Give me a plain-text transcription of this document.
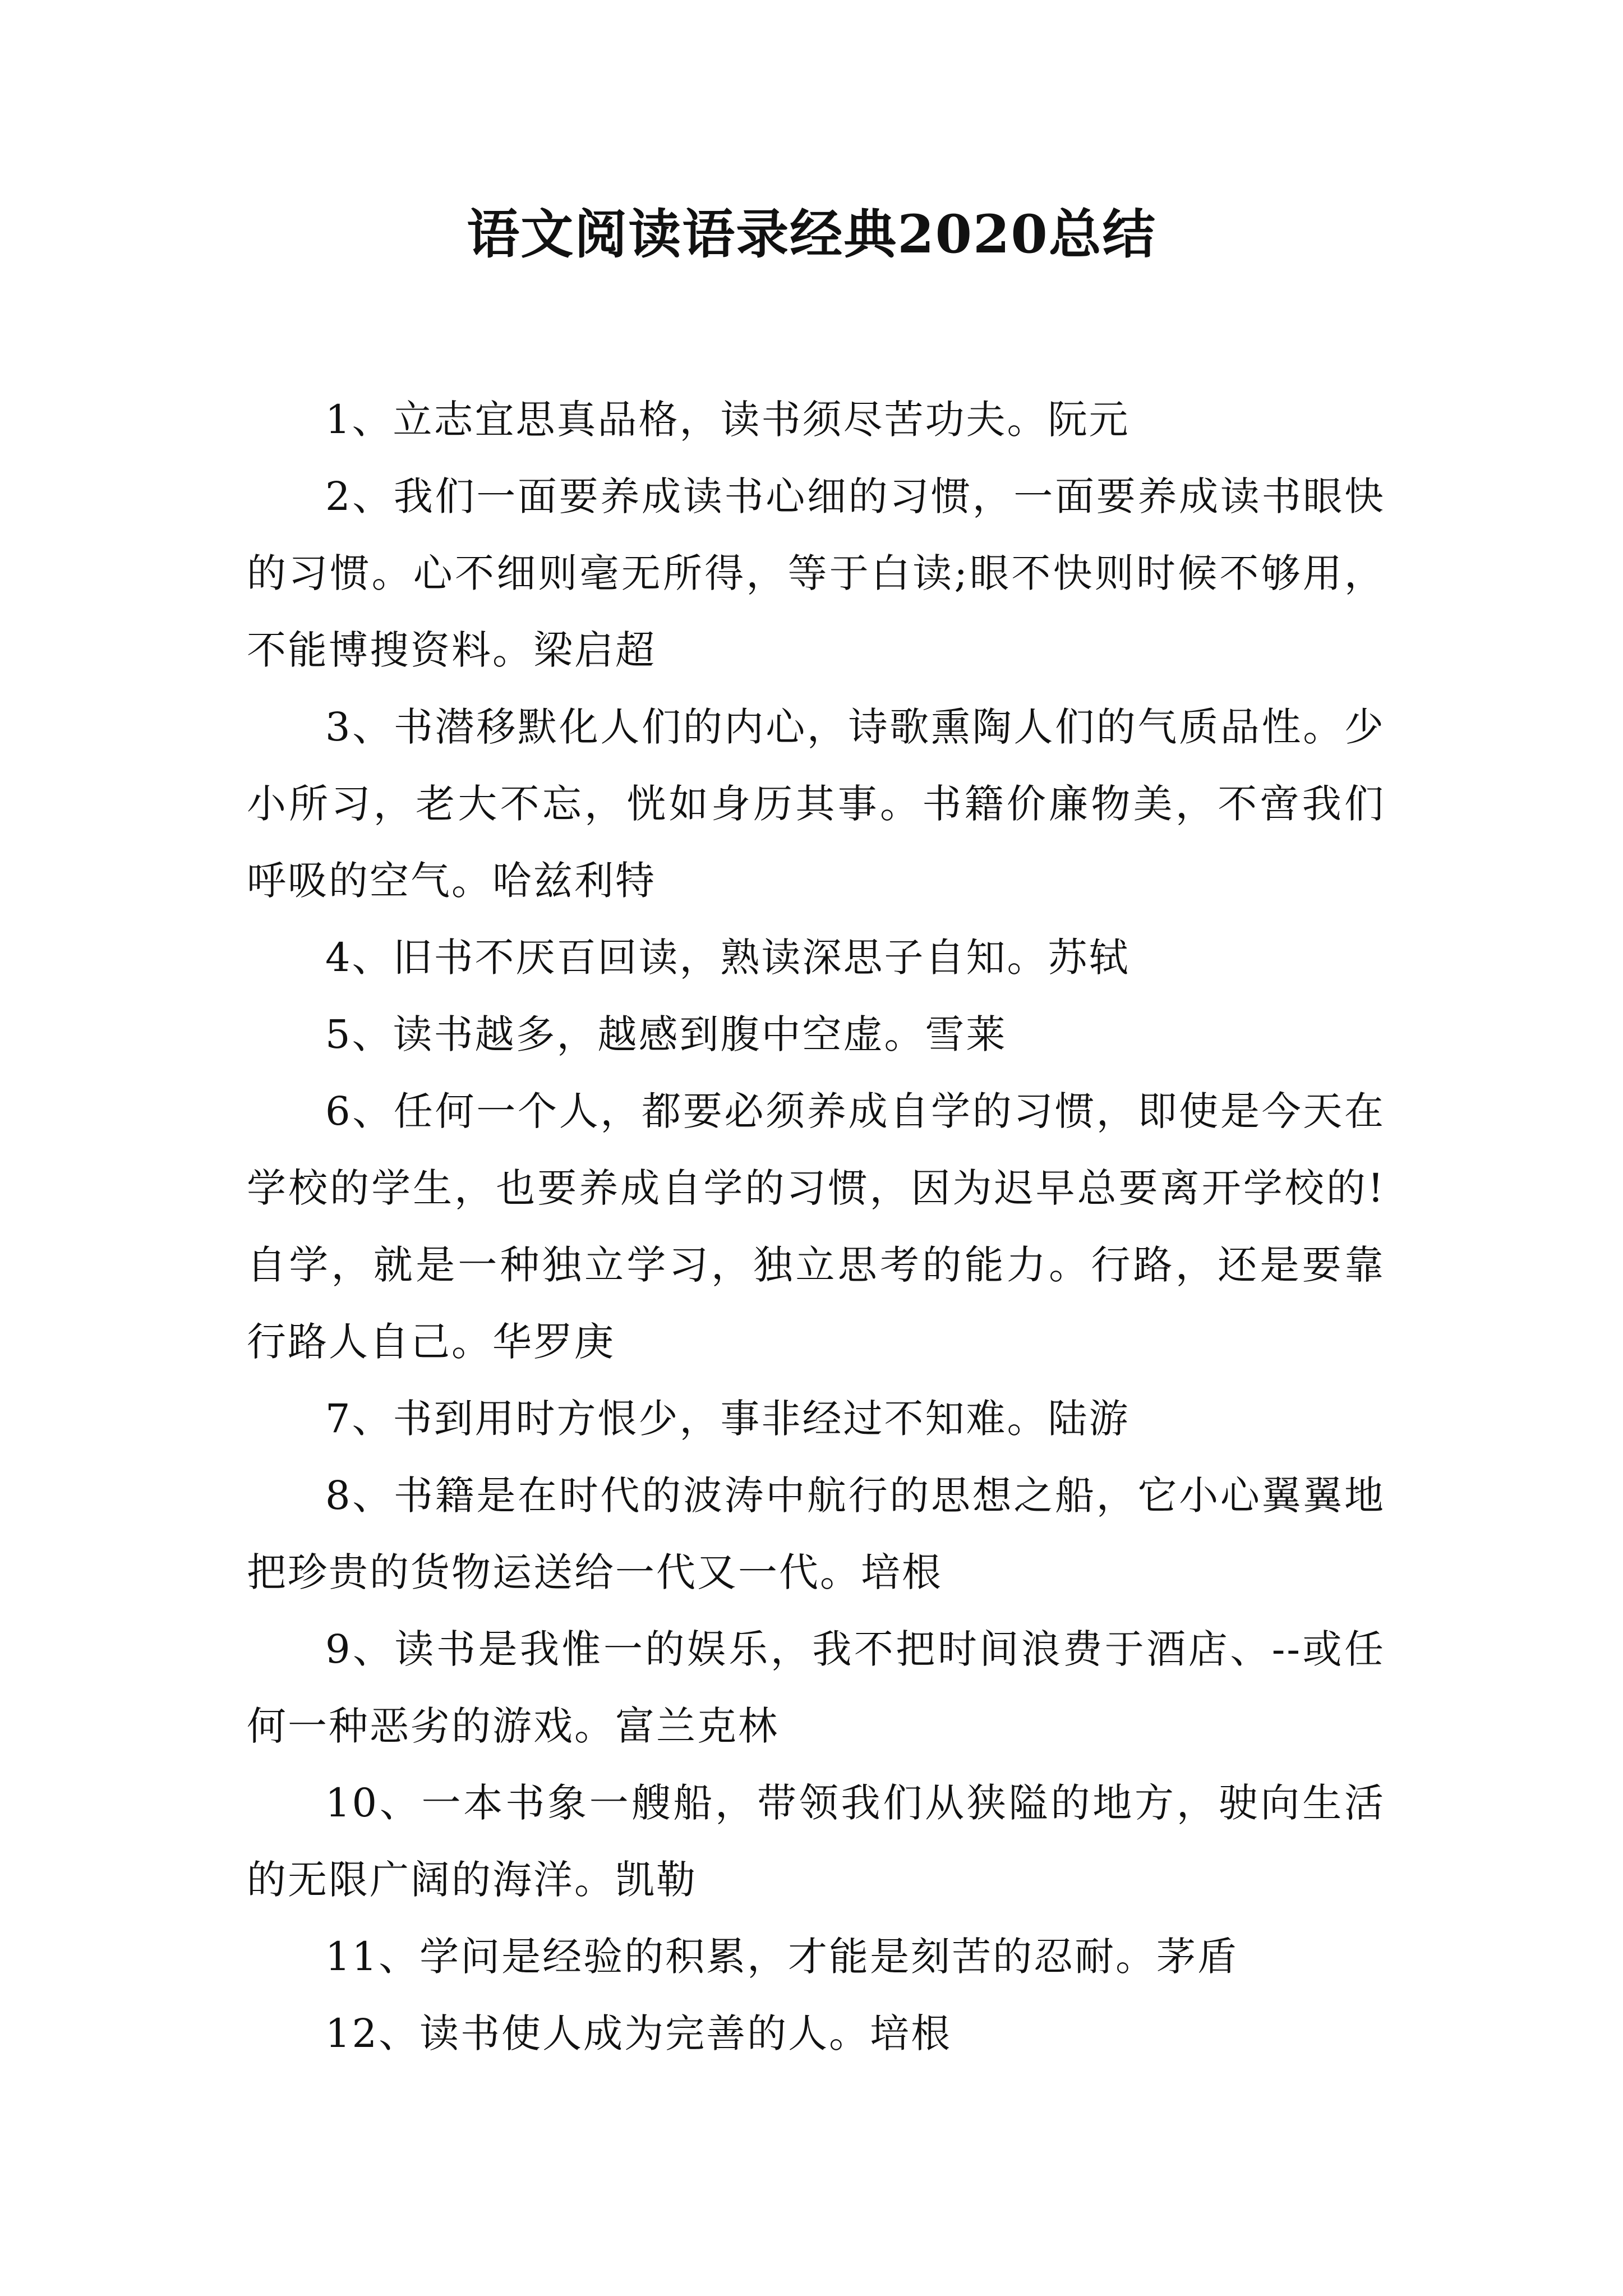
语文阅读语录经典2020总结

1、立志宜思真品格，读书须尽苦功夫。阮元

2、我们一面要养成读书心细的习惯，一面要养成读书眼快的习惯。心不细则毫无所得，等于白读;眼不快则时候不够用，不能博搜资料。梁启超

3、书潜移默化人们的内心，诗歌熏陶人们的气质品性。少小所习，老大不忘，恍如身历其事。书籍价廉物美，不啻我们呼吸的空气。哈兹利特

4、旧书不厌百回读，熟读深思子自知。苏轼

5、读书越多，越感到腹中空虚。雪莱

6、任何一个人，都要必须养成自学的习惯，即使是今天在学校的学生，也要养成自学的习惯，因为迟早总要离开学校的!自学，就是一种独立学习，独立思考的能力。行路，还是要靠行路人自己。华罗庚

7、书到用时方恨少，事非经过不知难。陆游

8、书籍是在时代的波涛中航行的思想之船，它小心翼翼地把珍贵的货物运送给一代又一代。培根

9、读书是我惟一的娱乐，我不把时间浪费于酒店、--或任何一种恶劣的游戏。富兰克林

10、一本书象一艘船，带领我们从狭隘的地方，驶向生活的无限广阔的海洋。凯勒

11、学问是经验的积累，才能是刻苦的忍耐。茅盾

12、读书使人成为完善的人。培根
